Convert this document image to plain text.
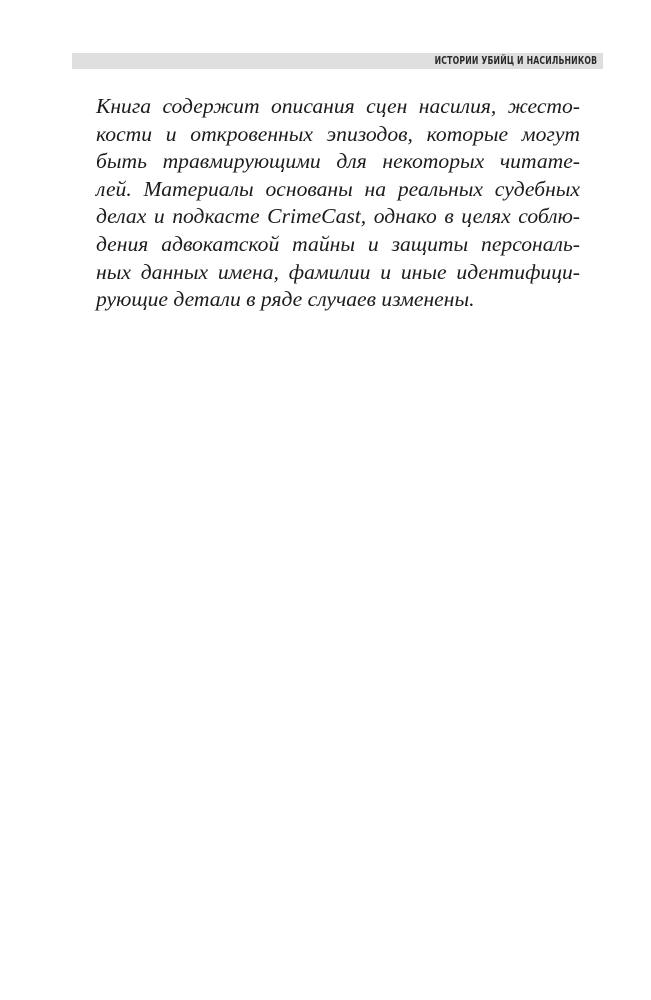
ИСТОРИИ УБИЙЦ И НАСИЛЬНИКОВ
Книга содержит описания сцен насилия, жесто-
кости и откровенных эпизодов, которые могут
быть травмирующими для некоторых читате-
лей. Материалы основаны на реальных судебных
делах и подкасте CrimeCast, однако в целях соблю-
дения адвокатской тайны и защиты персональ-
ных данных имена, фамилии и иные идентифици-
рующие детали в ряде случаев изменены.
